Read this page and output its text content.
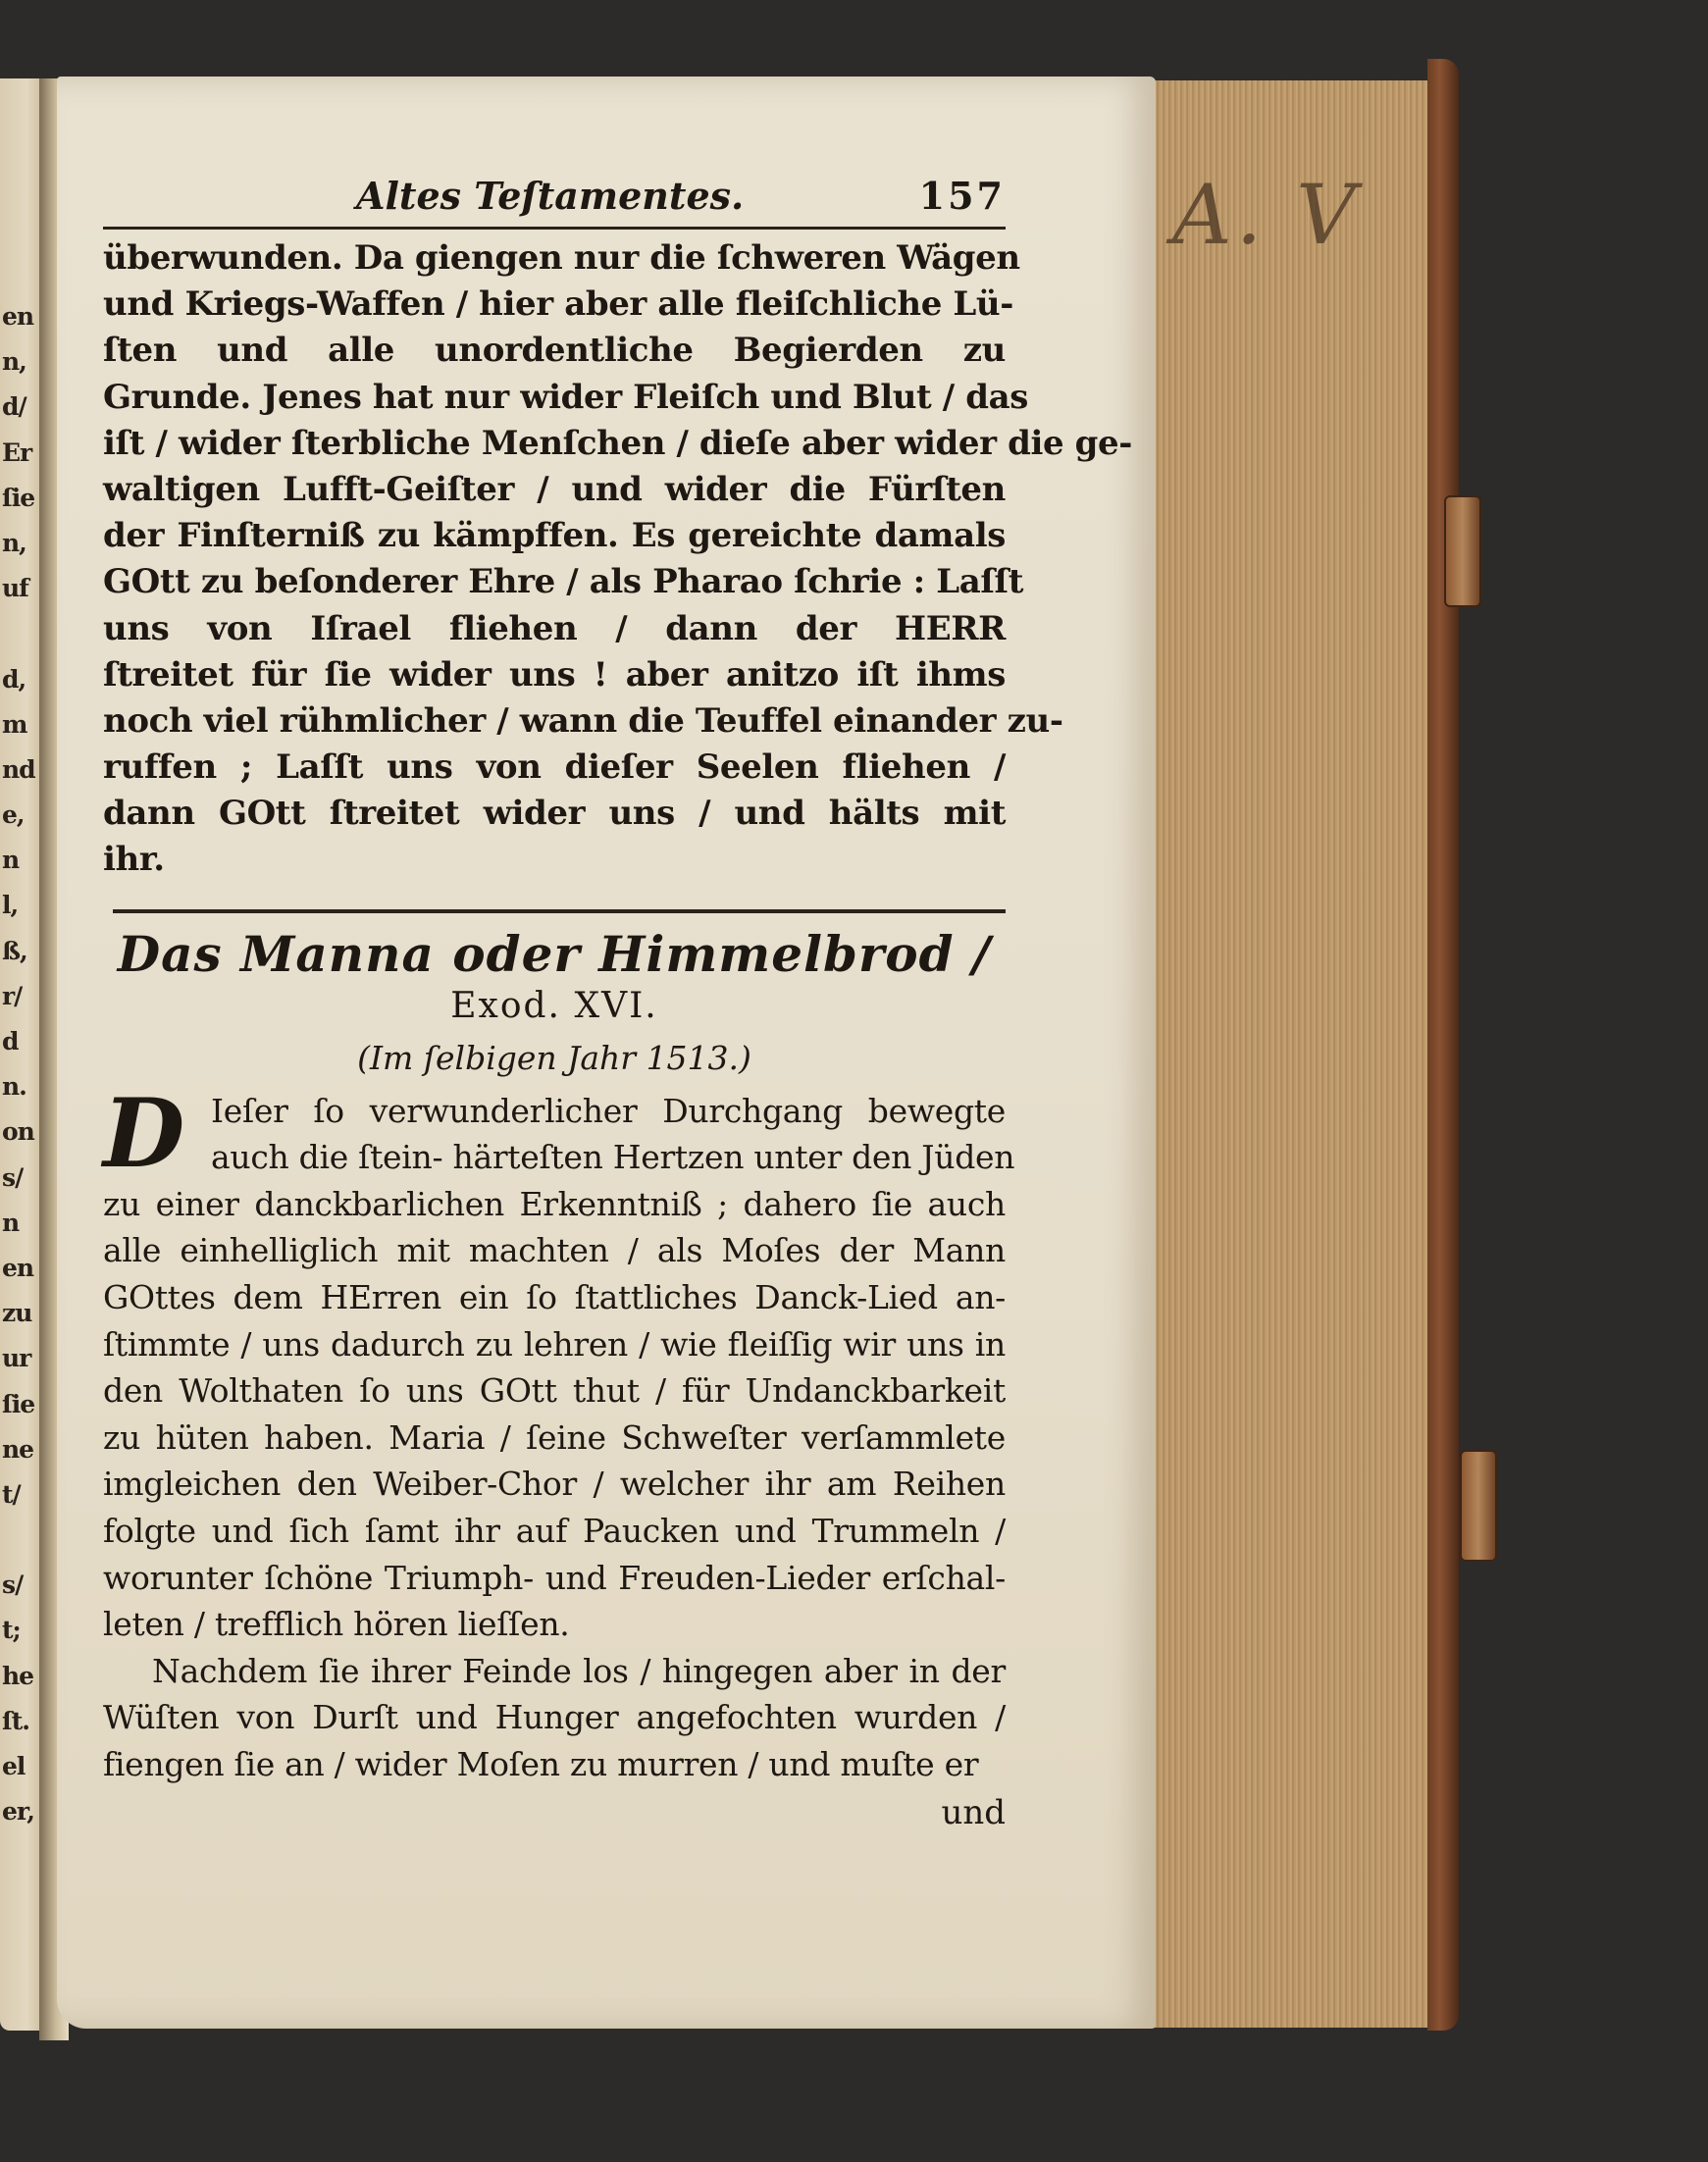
en
n,
d/
Er
ſie
n,
uf
d,
m
nd
e,
n
l,
ß,
r/
d
n.
on
s/
n
en
zu
ur
ſie
ne
t/
s/
t;
he
ſt.
el
er,
A. V
Altes Teſtamentes.	157
überwunden. Da giengen nur die ſchweren Wägen
und Kriegs-Waffen / hier aber alle fleiſchliche Lü-
ſten und alle unordentliche Begierden zu
Grunde. Jenes hat nur wider Fleiſch und Blut / das
iſt / wider ſterbliche Menſchen / dieſe aber wider die ge-
waltigen Lufft-Geiſter / und wider die Fürſten
der Finſterniß zu kämpffen. Es gereichte damals
GOtt zu beſonderer Ehre / als Pharao ſchrie : Laſſt
uns von Iſrael fliehen / dann der HERR
ſtreitet für ſie wider uns ! aber anitzo iſt ihms
noch viel rühmlicher / wann die Teuffel einander zu-
ruffen ; Laſſt uns von dieſer Seelen fliehen /
dann GOtt ſtreitet wider uns / und hälts mit
ihr.
Das Manna oder Himmelbrod /
Exod. XVI.
(Im ſelbigen Jahr 1513.)
D Ieſer ſo verwunderlicher Durchgang bewegte
auch die ſtein- härteſten Hertzen unter den Jüden
zu einer danckbarlichen Erkenntniß ; dahero ſie auch
alle einhelliglich mit machten / als Moſes der Mann
GOttes dem HErren ein ſo ſtattliches Danck-Lied an-
ſtimmte / uns dadurch zu lehren / wie fleiſſig wir uns in
den Wolthaten ſo uns GOtt thut / für Undanckbarkeit
zu hüten haben. Maria / ſeine Schweſter verſammlete
imgleichen den Weiber-Chor / welcher ihr am Reihen
folgte und ſich ſamt ihr auf Paucken und Trummeln /
worunter ſchöne Triumph- und Freuden-Lieder erſchal-
leten / trefflich hören lieſſen.
Nachdem ſie ihrer Feinde los / hingegen aber in der
Wüſten von Durſt und Hunger angefochten wurden /
fiengen ſie an / wider Moſen zu murren / und muſte er
und
